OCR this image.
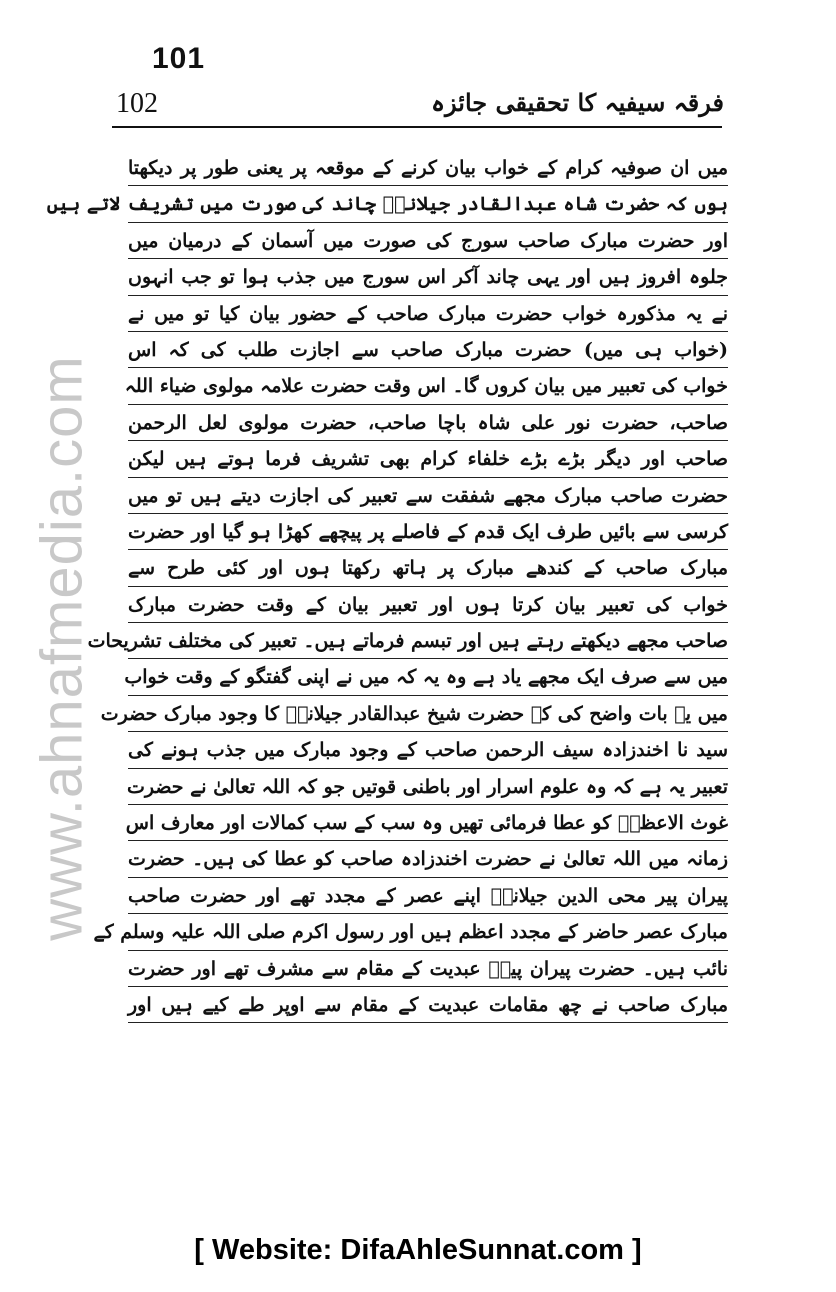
101
102	فرقہ سیفیہ کا تحقیقی جائزہ
www.ahnafmedia.com
میں ان صوفیہ کرام کے خواب بیان کرنے کے موقعہ پر یعنی طور پر دیکھتا
ہوں کہ حضرت شاہ عبدالقادر جیلانیؒ چاند کی صورت میں تشریف لاتے ہیں
اور حضرت مبارک صاحب سورج کی صورت میں آسمان کے درمیان میں
جلوہ افروز ہیں اور یہی چاند آکر اس سورج میں جذب ہوا تو جب انہوں
نے یہ مذکورہ خواب حضرت مبارک صاحب کے حضور بیان کیا تو میں نے
(خواب ہی میں) حضرت مبارک صاحب سے اجازت طلب کی کہ اس
خواب کی تعبیر میں بیان کروں گا۔ اس وقت حضرت علامہ مولوی ضیاء اللہ
صاحب، حضرت نور علی شاہ باچا صاحب، حضرت مولوی لعل الرحمن
صاحب اور دیگر بڑے بڑے خلفاء کرام بھی تشریف فرما ہوتے ہیں لیکن
حضرت صاحب مبارک مجھے شفقت سے تعبیر کی اجازت دیتے ہیں تو میں
کرسی سے بائیں طرف ایک قدم کے فاصلے پر پیچھے کھڑا ہو گیا اور حضرت
مبارک صاحب کے کندھے مبارک پر ہاتھ رکھتا ہوں اور کئی طرح سے
خواب کی تعبیر بیان کرتا ہوں اور تعبیر بیان کے وقت حضرت مبارک
صاحب مجھے دیکھتے رہتے ہیں اور تبسم فرماتے ہیں۔ تعبیر کی مختلف تشریحات
میں سے صرف ایک مجھے یاد ہے وہ یہ کہ میں نے اپنی گفتگو کے وقت خواب
میں یہ بات واضح کی کہ حضرت شیخ عبدالقادر جیلانیؒ کا وجود مبارک حضرت
سید نا اخندزادہ سیف الرحمن صاحب کے وجود مبارک میں جذب ہونے کی
تعبیر یہ ہے کہ وہ علوم اسرار اور باطنی قوتیں جو کہ اللہ تعالیٰ نے حضرت
غوث الاعظمؒ کو عطا فرمائی تھیں وہ سب کے سب کمالات اور معارف اس
زمانہ میں اللہ تعالیٰ نے حضرت اخندزادہ صاحب کو عطا کی ہیں۔ حضرت
پیران پیر محی الدین جیلانیؒ اپنے عصر کے مجدد تھے اور حضرت صاحب
مبارک عصر حاضر کے مجدد اعظم ہیں اور رسول اکرم صلی اللہ علیہ وسلم کے
نائب ہیں۔ حضرت پیران پیرؒ عبدیت کے مقام سے مشرف تھے اور حضرت
مبارک صاحب نے چھ مقامات عبدیت کے مقام سے اوپر طے کیے ہیں اور
[ Website: DifaAhleSunnat.com ]
